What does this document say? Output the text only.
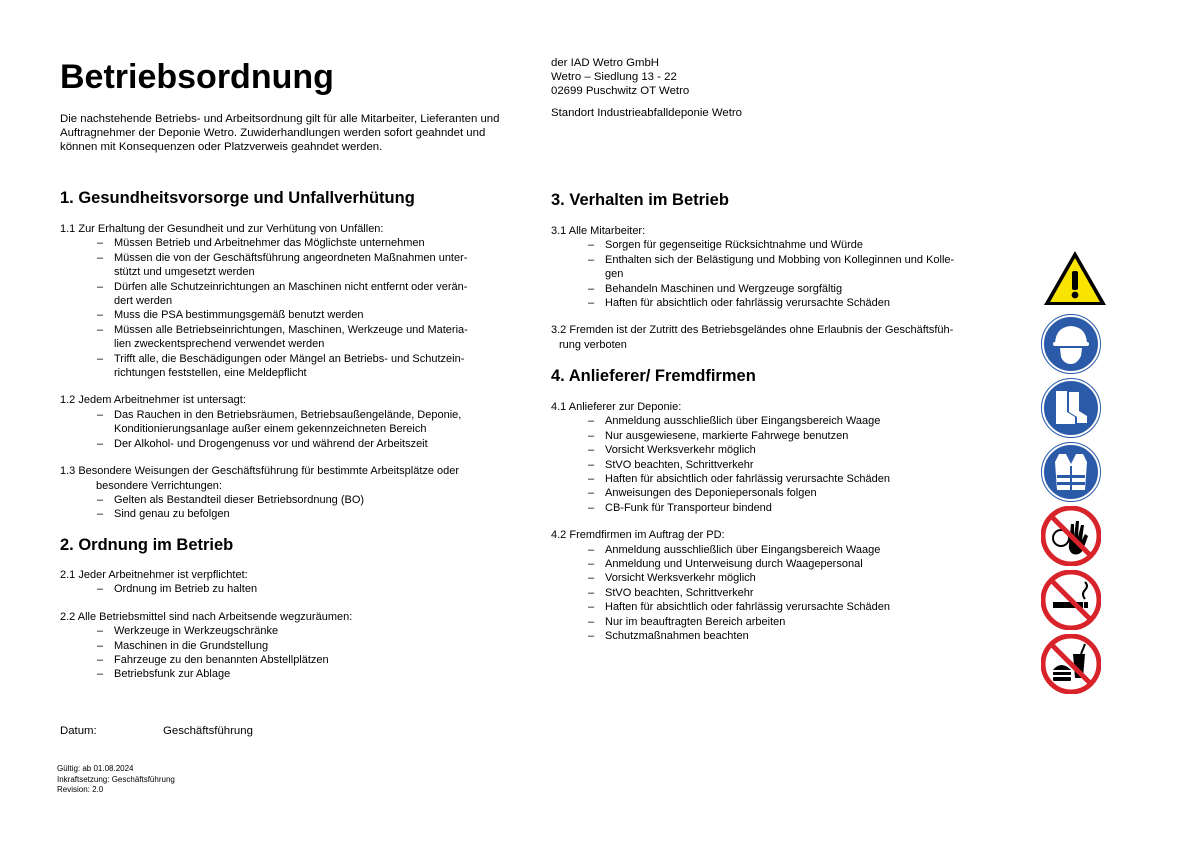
Betriebsordnung
Die nachstehende Betriebs- und Arbeitsordnung gilt für alle Mitarbeiter, Lieferanten und Auftragnehmer der Deponie Wetro. Zuwiderhandlungen werden sofort geahndet und können mit Konsequenzen oder Platzverweis geahndet werden.
der IAD Wetro GmbH
Wetro – Siedlung 13 - 22
02699 Puschwitz OT Wetro
Standort Industrieabfalldeponie Wetro
1. Gesundheitsvorsorge und Unfallverhütung
1.1 Zur Erhaltung der Gesundheit und zur Verhütung von Unfällen:
– Müssen Betrieb und Arbeitnehmer das Möglichste unternehmen
– Müssen die von der Geschäftsführung angeordneten Maßnahmen unter-
stützt und umgesetzt werden
– Dürfen alle Schutzeinrichtungen an Maschinen nicht entfernt oder verän-
dert werden
– Muss die PSA bestimmungsgemäß benutzt werden
– Müssen alle Betriebseinrichtungen, Maschinen, Werkzeuge und Materia-
lien zweckentsprechend verwendet werden
– Trifft alle, die Beschädigungen oder Mängel an Betriebs- und Schutzein-
richtungen feststellen, eine Meldepflicht
1.2 Jedem Arbeitnehmer ist untersagt:
– Das Rauchen in den Betriebsräumen, Betriebsaußengelände, Deponie,
Konditionierungsanlage außer einem gekennzeichneten Bereich
– Der Alkohol- und Drogengenuss vor und während der Arbeitszeit
1.3 Besondere Weisungen der Geschäftsführung für bestimmte Arbeitsplätze oder
besondere Verrichtungen:
– Gelten als Bestandteil dieser Betriebsordnung (BO)
– Sind genau zu befolgen
2. Ordnung im Betrieb
2.1 Jeder Arbeitnehmer ist verpflichtet:
– Ordnung im Betrieb zu halten
2.2 Alle Betriebsmittel sind nach Arbeitsende wegzuräumen:
– Werkzeuge in Werkzeugschränke
– Maschinen in die Grundstellung
– Fahrzeuge zu den benannten Abstellplätzen
– Betriebsfunk zur Ablage
3. Verhalten im Betrieb
3.1 Alle Mitarbeiter:
– Sorgen für gegenseitige Rücksichtnahme und Würde
– Enthalten sich der Belästigung und Mobbing von Kolleginnen und Kolle-
gen
– Behandeln Maschinen und Wergzeuge sorgfältig
– Haften für absichtlich oder fahrlässig verursachte Schäden
3.2 Fremden ist der Zutritt des Betriebsgeländes ohne Erlaubnis der Geschäftsfüh-
rung verboten
4. Anlieferer/ Fremdfirmen
4.1 Anlieferer zur Deponie:
– Anmeldung ausschließlich über Eingangsbereich Waage
– Nur ausgewiesene, markierte Fahrwege benutzen
– Vorsicht Werksverkehr möglich
– StVO beachten, Schrittverkehr
– Haften für absichtlich oder fahrlässig verursachte Schäden
– Anweisungen des Deponiepersonals folgen
– CB-Funk für Transporteur bindend
4.2 Fremdfirmen im Auftrag der PD:
– Anmeldung ausschließlich über Eingangsbereich Waage
– Anmeldung und Unterweisung durch Waagepersonal
– Vorsicht Werksverkehr möglich
– StVO beachten, Schrittverkehr
– Haften für absichtlich oder fahrlässig verursachte Schäden
– Nur im beauftragten Bereich arbeiten
– Schutzmaßnahmen beachten
Datum:	Geschäftsführung
Gültig: ab 01.08.2024
Inkraftsetzung: Geschäftsführung
Revision: 2.0
